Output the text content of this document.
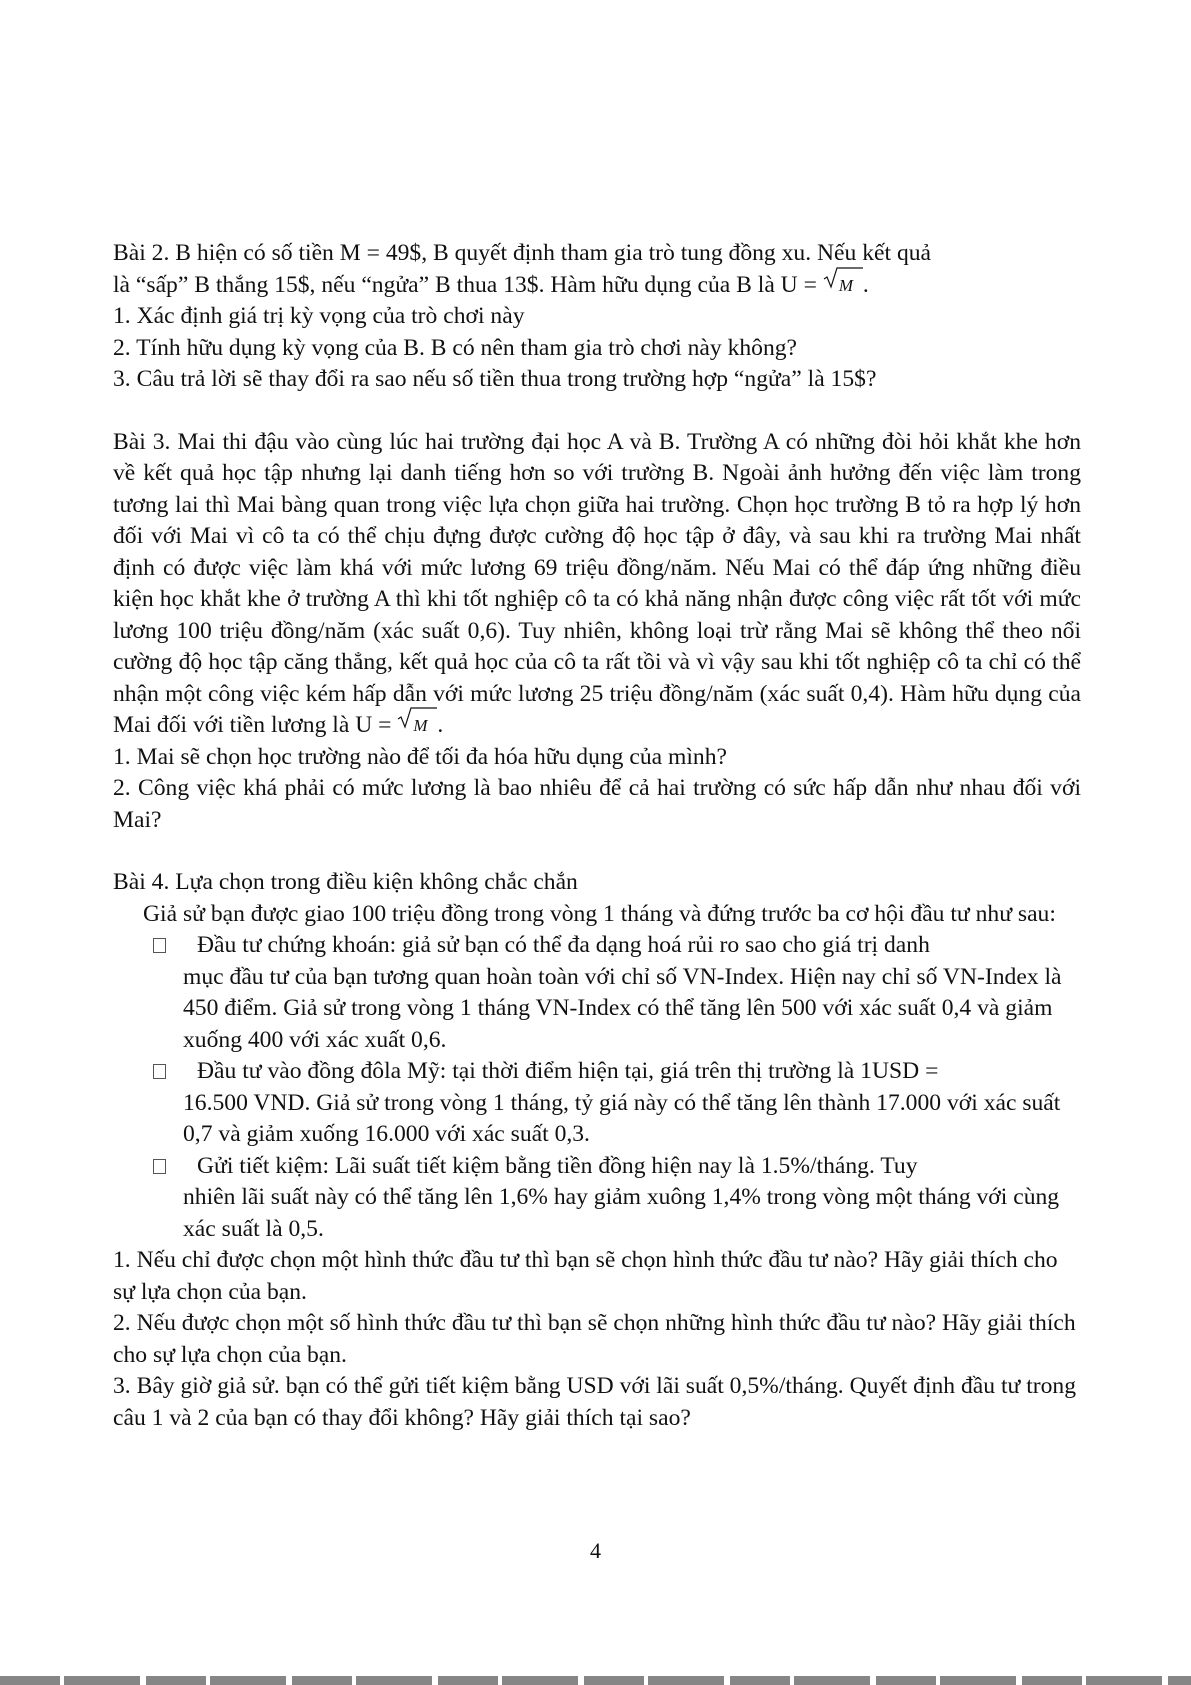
Bài 2. B hiện có số tiền M = 49$, B quyết định tham gia trò tung đồng xu. Nếu kết quả

là “sấp” B thắng 15$, nếu “ngửa” B thua 13$. Hàm hữu dụng của B là U = M .

1. Xác định giá trị kỳ vọng của trò chơi này

2. Tính hữu dụng kỳ vọng của B. B có nên tham gia trò chơi này không?

3. Câu trả lời sẽ thay đổi ra sao nếu số tiền thua trong trường hợp “ngửa” là 15$?

Bài 3. Mai thi đậu vào cùng lúc hai trường đại học A và B. Trường A có những đòi hỏi khắt khe hơn về kết quả học tập nhưng lại danh tiếng hơn so với trường B. Ngoài ảnh hưởng đến việc làm trong tương lai thì Mai bàng quan trong việc lựa chọn giữa hai trường. Chọn học trường B tỏ ra hợp lý hơn đối với Mai vì cô ta có thể chịu đựng được cường độ học tập ở đây, và sau khi ra trường Mai nhất định có được việc làm khá với mức lương 69 triệu đồng/năm. Nếu Mai có thể đáp ứng những điều kiện học khắt khe ở trường A thì khi tốt nghiệp cô ta có khả năng nhận được công việc rất tốt với mức lương 100 triệu đồng/năm (xác suất 0,6). Tuy nhiên, không loại trừ rằng Mai sẽ không thể theo nổi cường độ học tập căng thẳng, kết quả học của cô ta rất tồi và vì vậy sau khi tốt nghiệp cô ta chỉ có thể nhận một công việc kém hấp dẫn với mức lương 25 triệu đồng/năm (xác suất 0,4). Hàm hữu dụng của Mai đối với tiền lương là U = M .

1. Mai sẽ chọn học trường nào để tối đa hóa hữu dụng của mình?

2. Công việc khá phải có mức lương là bao nhiêu để cả hai trường có sức hấp dẫn như nhau đối với Mai?

Bài 4. Lựa chọn trong điều kiện không chắc chắn

Giả sử bạn được giao 100 triệu đồng trong vòng 1 tháng và đứng trước ba cơ hội đầu tư như sau:

Đầu tư chứng khoán: giả sử bạn có thể đa dạng hoá rủi ro sao cho giá trị danh

mục đầu tư của bạn tương quan hoàn toàn với chỉ số VN-Index. Hiện nay chỉ số VN-Index là 450 điểm. Giả sử trong vòng 1 tháng VN-Index có thể tăng lên 500 với xác suất 0,4 và giảm xuống 400 với xác xuất 0,6.

Đầu tư vào đồng đôla Mỹ: tại thời điểm hiện tại, giá trên thị trường là 1USD =

16.500 VND. Giả sử trong vòng 1 tháng, tỷ giá này có thể tăng lên thành 17.000 với xác suất 0,7 và giảm xuống 16.000 với xác suất 0,3.

Gửi tiết kiệm: Lãi suất tiết kiệm bằng tiền đồng hiện nay là 1.5%/tháng. Tuy

nhiên lãi suất này có thể tăng lên 1,6% hay giảm xuông 1,4% trong vòng một tháng với cùng xác suất là 0,5.

1. Nếu chỉ được chọn một hình thức đầu tư thì bạn sẽ chọn hình thức đầu tư nào? Hãy giải thích cho sự lựa chọn của bạn.

2. Nếu được chọn một số hình thức đầu tư thì bạn sẽ chọn những hình thức đầu tư nào? Hãy giải thích cho sự lựa chọn của bạn.

3. Bây giờ giả sử. bạn có thể gửi tiết kiệm bằng USD với lãi suất 0,5%/tháng. Quyết định đầu tư trong câu 1 và 2 của bạn có thay đổi không? Hãy giải thích tại sao?

4
